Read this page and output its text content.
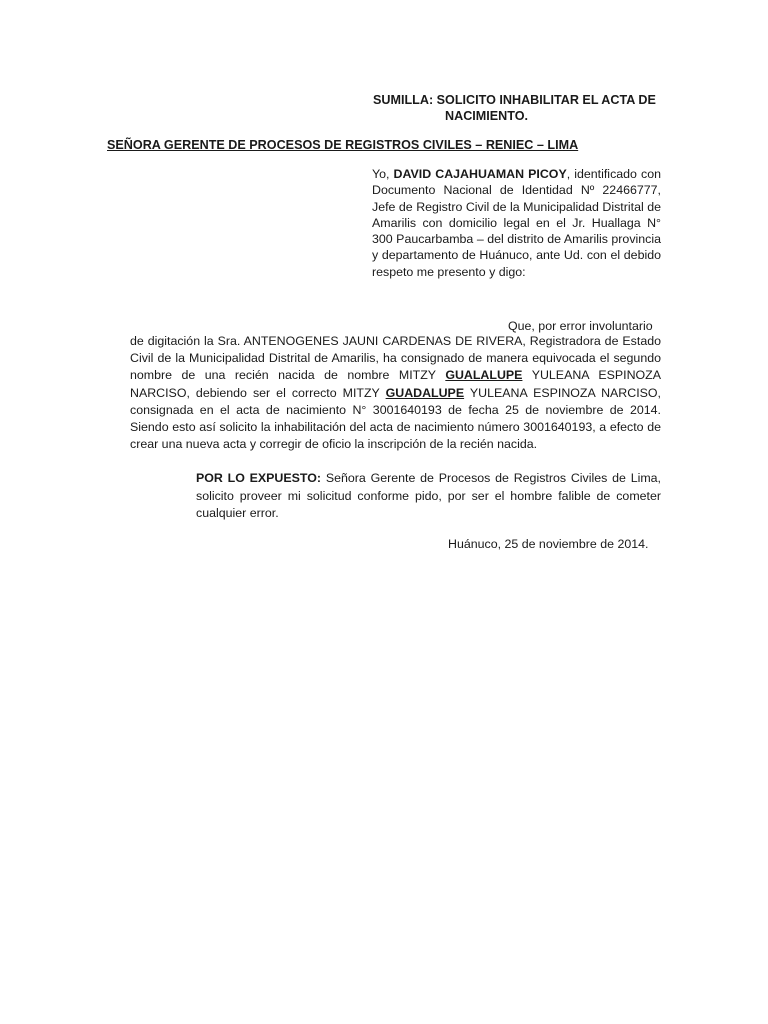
SUMILLA: SOLICITO INHABILITAR EL ACTA DE
NACIMIENTO.
SEÑORA GERENTE DE PROCESOS DE REGISTROS CIVILES – RENIEC – LIMA
Yo, DAVID CAJAHUAMAN PICOY, identificado con Documento Nacional de Identidad Nº 22466777, Jefe de Registro Civil de la Municipalidad Distrital de Amarilis con domicilio legal en el Jr. Huallaga N° 300 Paucarbamba – del distrito de Amarilis provincia y departamento de Huánuco, ante Ud. con el debido respeto me presento y digo:
Que, por error involuntario
de digitación la Sra. ANTENOGENES JAUNI CARDENAS DE RIVERA, Registradora de Estado Civil de la Municipalidad Distrital de Amarilis, ha consignado de manera equivocada el segundo nombre de una recién nacida de nombre MITZY GUALALUPE YULEANA ESPINOZA NARCISO, debiendo ser el correcto MITZY GUADALUPE YULEANA ESPINOZA NARCISO, consignada en el acta de nacimiento N° 3001640193 de fecha 25 de noviembre de 2014. Siendo esto así solicito la inhabilitación del acta de nacimiento número 3001640193, a efecto de crear una nueva acta y corregir de oficio la inscripción de la recién nacida.
POR LO EXPUESTO: Señora Gerente de Procesos de Registros Civiles de Lima, solicito proveer mi solicitud conforme pido, por ser el hombre falible de cometer cualquier error.
Huánuco, 25 de noviembre de 2014.
